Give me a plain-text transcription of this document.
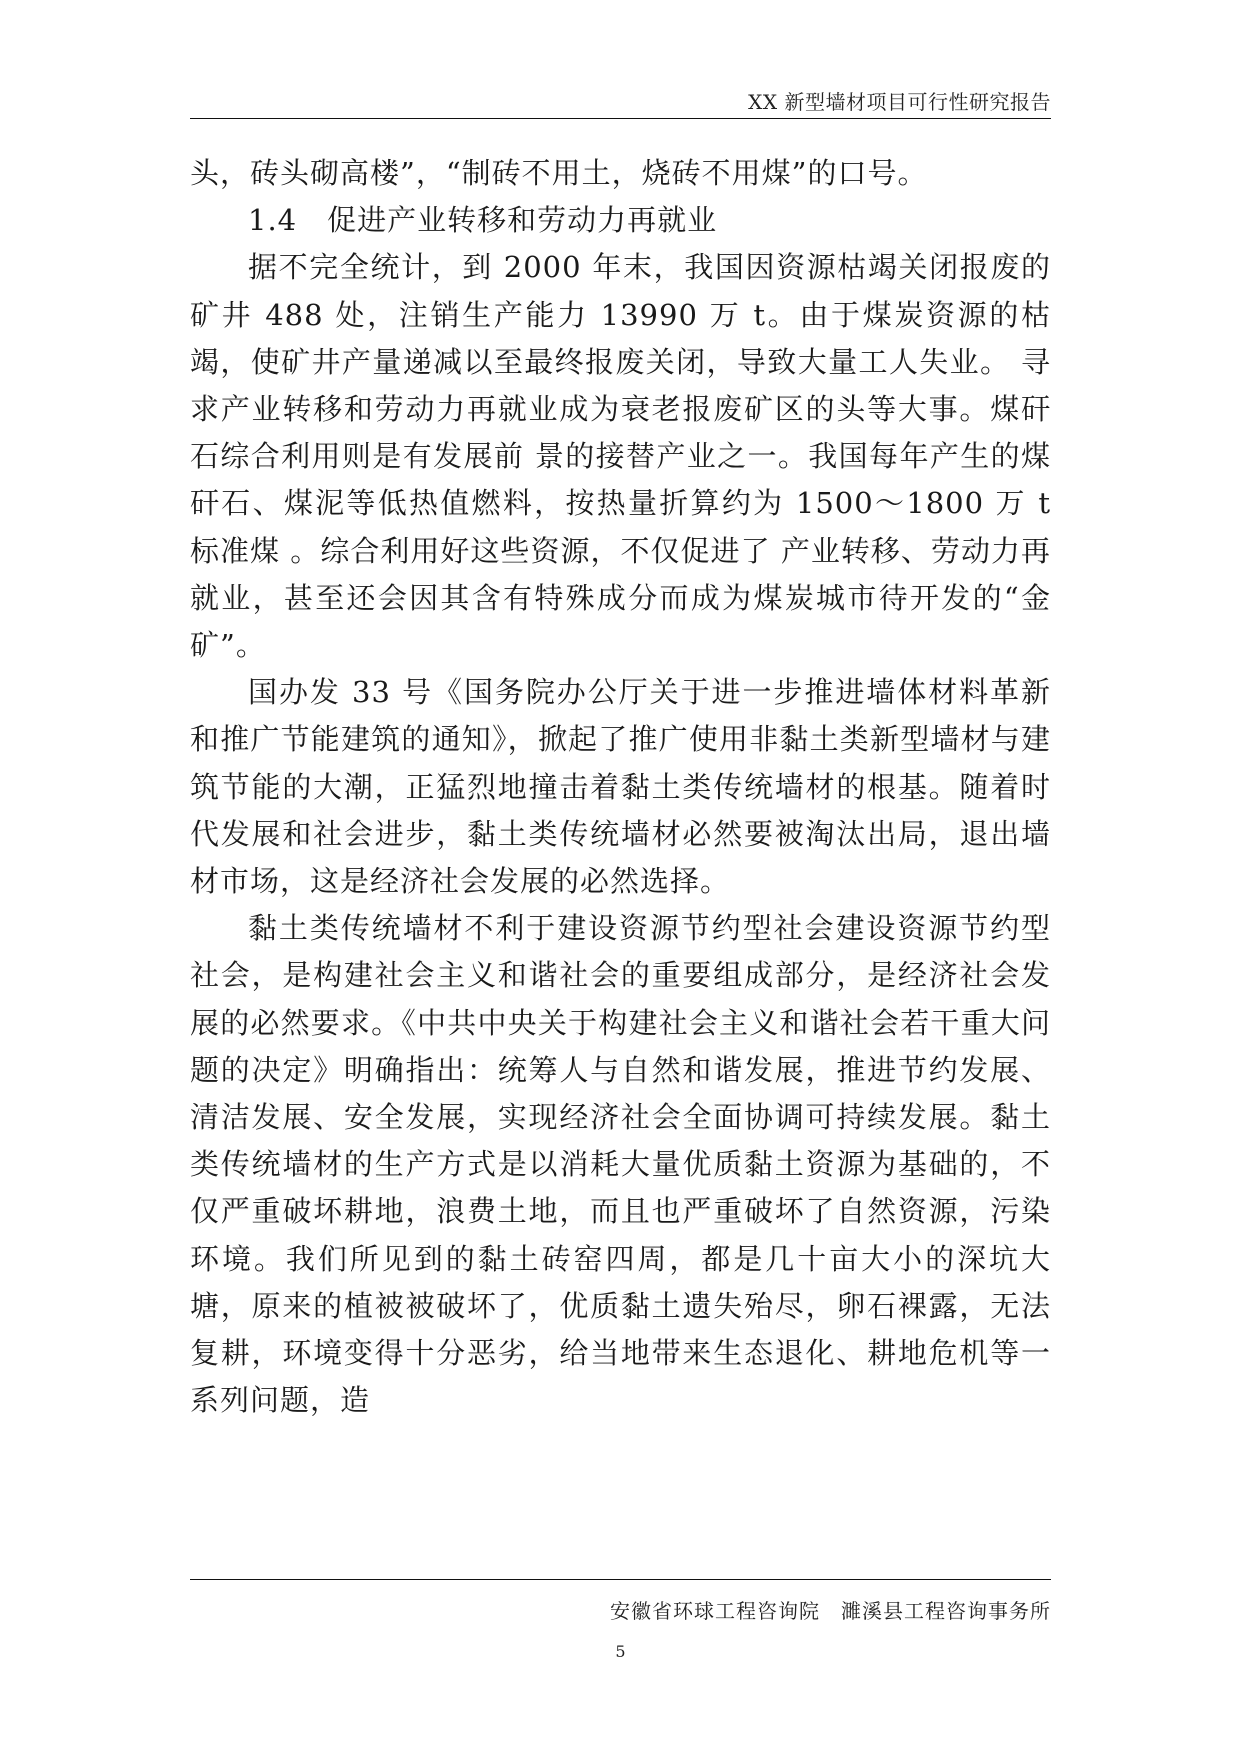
XX 新型墙材项目可行性研究报告

头，砖头砌高楼”，“制砖不用土，烧砖不用煤”的口号。

1.4　促进产业转移和劳动力再就业

据不完全统计，到 2000 年末，我国因资源枯竭关闭报废的矿井 488 处，注销生产能力 13990 万 t。由于煤炭资源的枯竭，使矿井产量递减以至最终报废关闭，导致大量工人失业。 寻求产业转移和劳动力再就业成为衰老报废矿区的头等大事。煤矸石综合利用则是有发展前 景的接替产业之一。我国每年产生的煤矸石、煤泥等低热值燃料，按热量折算约为 1500～1800 万 t 标准煤 。综合利用好这些资源，不仅促进了 产业转移、劳动力再就业，甚至还会因其含有特殊成分而成为煤炭城市待开发的“金矿”。

国办发 33 号《国务院办公厅关于进一步推进墙体材料革新和推广节能建筑的通知》，掀起了推广使用非黏土类新型墙材与建筑节能的大潮，正猛烈地撞击着黏土类传统墙材的根基。随着时代发展和社会进步，黏土类传统墙材必然要被淘汰出局，退出墙材市场，这是经济社会发展的必然选择。

黏土类传统墙材不利于建设资源节约型社会建设资源节约型社会，是构建社会主义和谐社会的重要组成部分，是经济社会发展的必然要求。《中共中央关于构建社会主义和谐社会若干重大问题的决定》明确指出：统筹人与自然和谐发展，推进节约发展、清洁发展、安全发展，实现经济社会全面协调可持续发展。黏土类传统墙材的生产方式是以消耗大量优质黏土资源为基础的，不仅严重破坏耕地，浪费土地，而且也严重破坏了自然资源，污染环境。我们所见到的黏土砖窑四周，都是几十亩大小的深坑大塘，原来的植被被破坏了，优质黏土遗失殆尽，卵石裸露，无法复耕，环境变得十分恶劣，给当地带来生态退化、耕地危机等一系列问题，造

安徽省环球工程咨询院　濉溪县工程咨询事务所
5
